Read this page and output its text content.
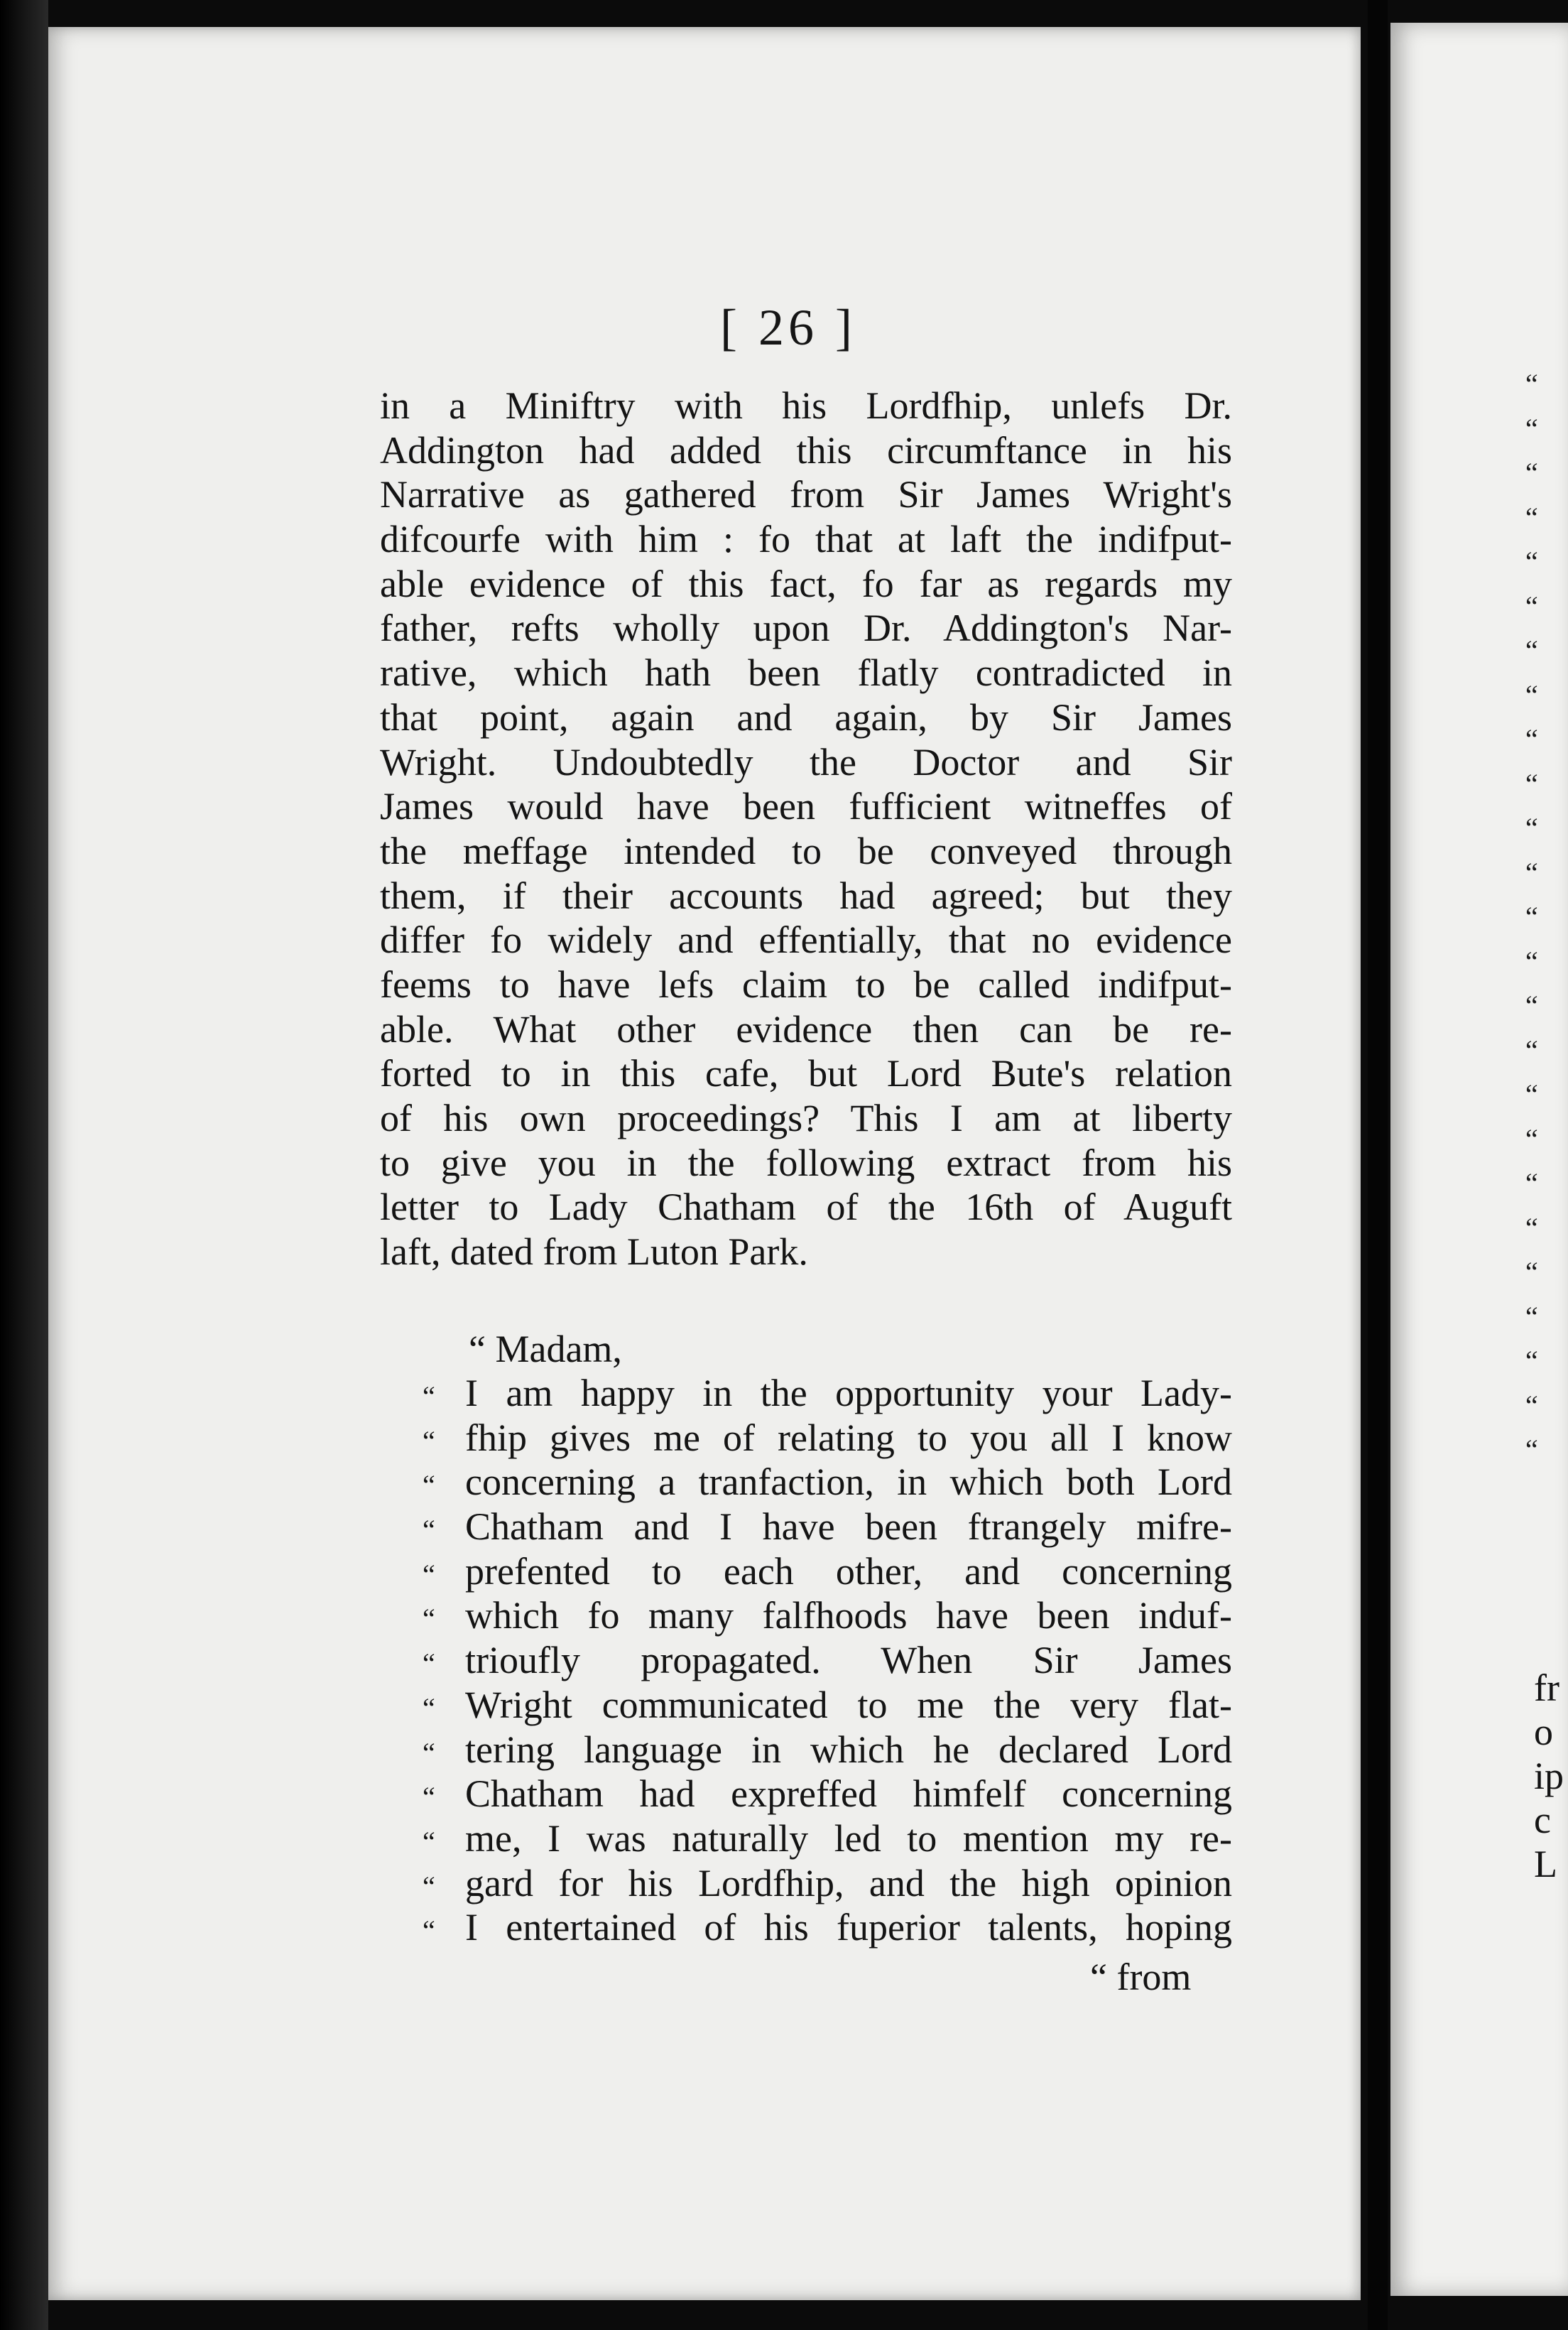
[ 26 ]
in a Miniftry with his Lordfhip, unlefs Dr.
Addington had added this circumftance in his
Narrative as gathered from Sir James Wright's
difcourfe with him : fo that at laft the indifput-
able evidence of this fact, fo far as regards my
father, refts wholly upon Dr. Addington's Nar-
rative, which hath been flatly contradicted in
that point, again and again, by Sir James
Wright. Undoubtedly the Doctor and Sir
James would have been fufficient witneffes of
the meffage intended to be conveyed through
them, if their accounts had agreed; but they
differ fo widely and effentially, that no evidence
feems to have lefs claim to be called indifput-
able. What other evidence then can be re-
forted to in this cafe, but Lord Bute's relation
of his own proceedings? This I am at liberty
to give you in the following extract from his
letter to Lady Chatham of the 16th of Auguft
laft, dated from Luton Park.
“ Madam,
“ I am happy in the opportunity your Lady-
“ fhip gives me of relating to you all I know
“ concerning a tranfaction, in which both Lord
“ Chatham and I have been ftrangely mifre-
“ prefented to each other, and concerning
“ which fo many falfhoods have been induf-
“ trioufly propagated. When Sir James
“ Wright communicated to me the very flat-
“ tering language in which he declared Lord
“ Chatham had expreffed himfelf concerning
“ me, I was naturally led to mention my re-
“ gard for his Lordfhip, and the high opinion
“ I entertained of his fuperior talents, hoping
“ from
“
“
“
“
“
“
“
“
“
“
“
“
“
“
“
“
“
“
“
“
“
“
“
“
“
fr
o
ip
c
L
